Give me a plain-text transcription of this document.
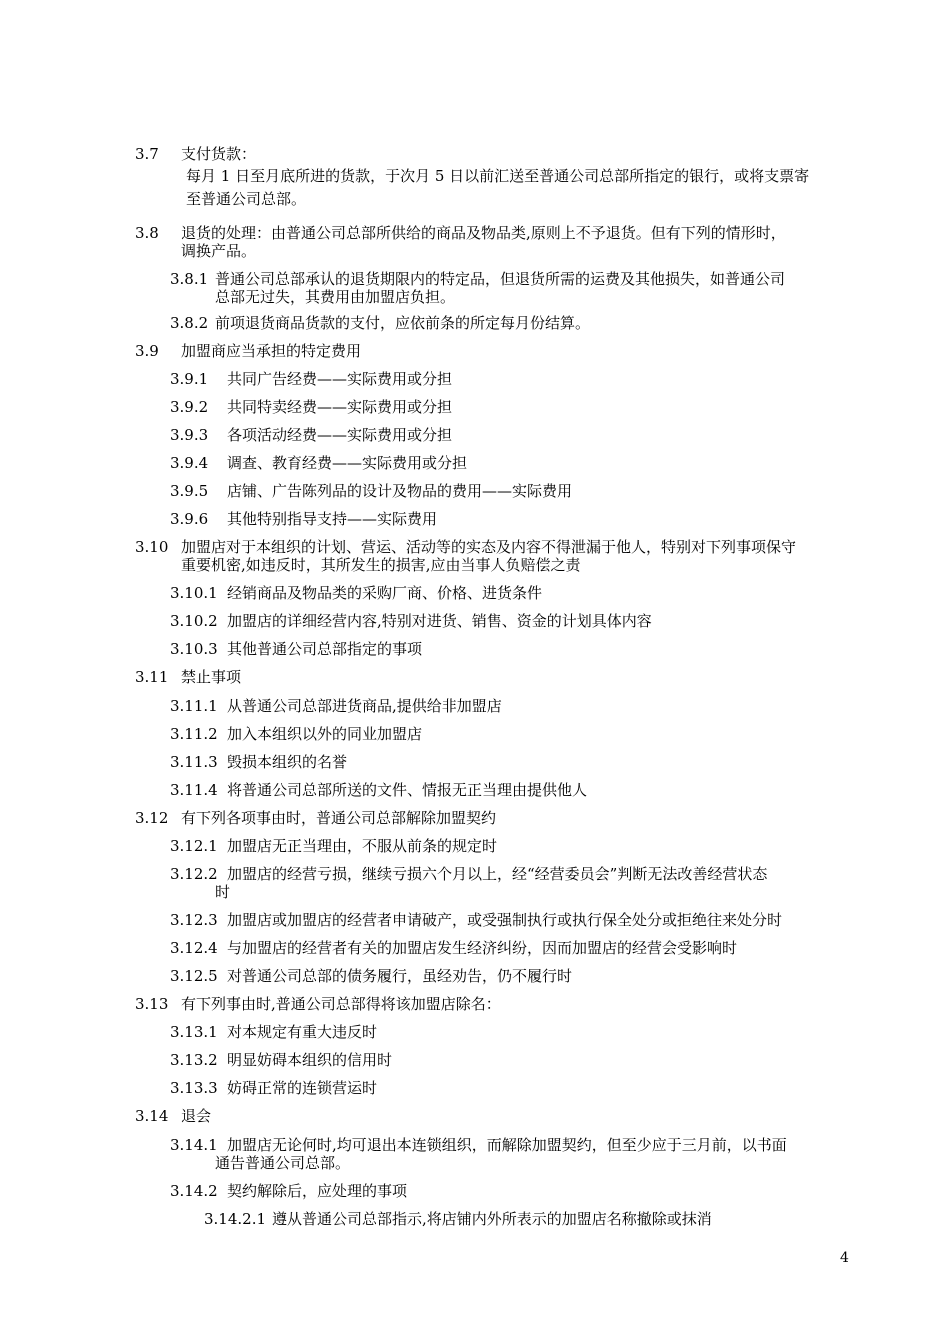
3.7 支付货款：
每月 1 日至月底所进的货款，于次月 5 日以前汇送至普通公司总部所指定的银行，或将支票寄
至普通公司总部。
3.8 退货的处理：由普通公司总部所供给的商品及物品类,原则上不予退货。但有下列的情形时，
调换产品。
3.8.1 普通公司总部承认的退货期限内的特定品，但退货所需的运费及其他损失，如普通公司
总部无过失，其费用由加盟店负担。
3.8.2 前项退货商品货款的支付，应依前条的所定每月份结算。
3.9 加盟商应当承担的特定费用
3.9.1 共同广告经费——实际费用或分担
3.9.2 共同特卖经费——实际费用或分担
3.9.3 各项活动经费——实际费用或分担
3.9.4 调查、教育经费——实际费用或分担
3.9.5 店铺、广告陈列品的设计及物品的费用——实际费用
3.9.6 其他特别指导支持——实际费用
3.10 加盟店对于本组织的计划、营运、活动等的实态及内容不得泄漏于他人，特别对下列事项保守
重要机密,如违反时，其所发生的损害,应由当事人负赔偿之责
3.10.1 经销商品及物品类的采购厂商、价格、进货条件
3.10.2 加盟店的详细经营内容,特别对进货、销售、资金的计划具体内容
3.10.3 其他普通公司总部指定的事项
3.11 禁止事项
3.11.1 从普通公司总部进货商品,提供给非加盟店
3.11.2 加入本组织以外的同业加盟店
3.11.3 毁损本组织的名誉
3.11.4 将普通公司总部所送的文件、情报无正当理由提供他人
3.12 有下列各项事由时，普通公司总部解除加盟契约
3.12.1 加盟店无正当理由，不服从前条的规定时
3.12.2 加盟店的经营亏损，继续亏损六个月以上，经“经营委员会”判断无法改善经营状态
时
3.12.3 加盟店或加盟店的经营者申请破产，或受强制执行或执行保全处分或拒绝往来处分时
3.12.4 与加盟店的经营者有关的加盟店发生经济纠纷，因而加盟店的经营会受影响时
3.12.5 对普通公司总部的债务履行，虽经劝告，仍不履行时
3.13 有下列事由时,普通公司总部得将该加盟店除名：
3.13.1 对本规定有重大违反时
3.13.2 明显妨碍本组织的信用时
3.13.3 妨碍正常的连锁营运时
3.14 退会
3.14.1 加盟店无论何时,均可退出本连锁组织，而解除加盟契约，但至少应于三月前，以书面
通告普通公司总部。
3.14.2 契约解除后，应处理的事项
3.14.2.1 遵从普通公司总部指示,将店铺内外所表示的加盟店名称撤除或抹消
4
